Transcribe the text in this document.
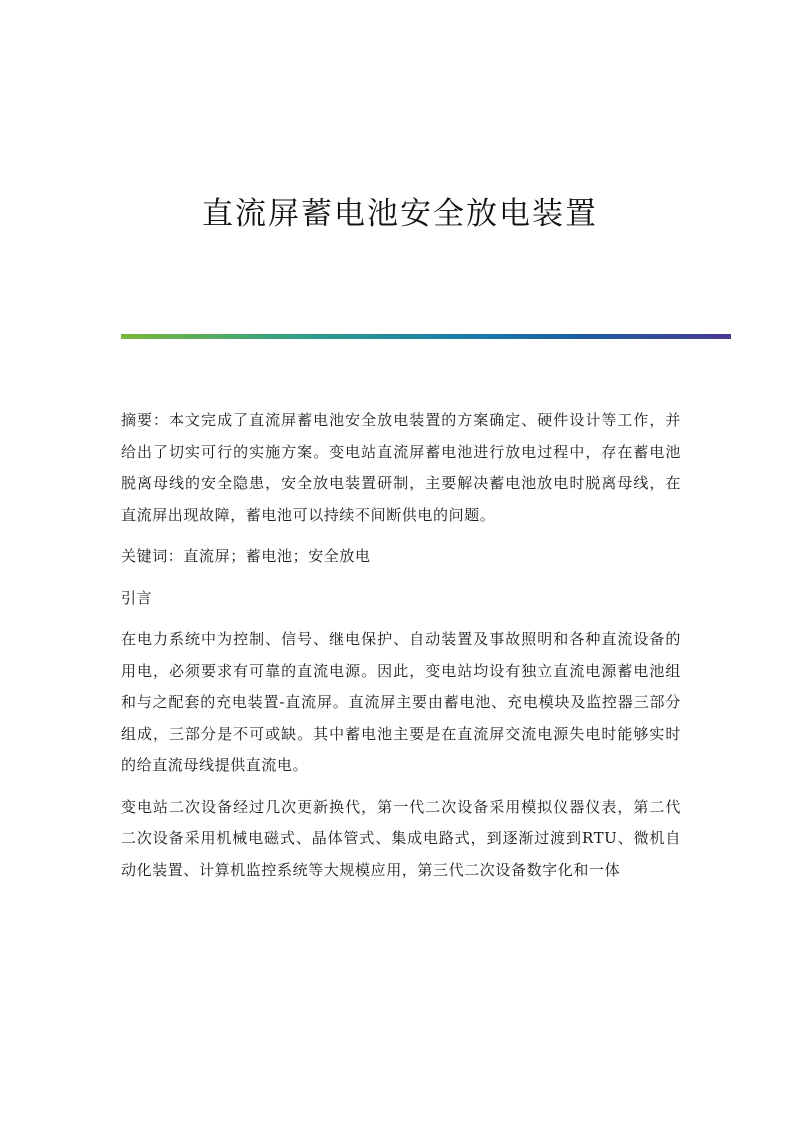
直流屏蓄电池安全放电装置

摘要：本文完成了直流屏蓄电池安全放电装置的方案确定、硬件设计等工作，并给出了切实可行的实施方案。变电站直流屏蓄电池进行放电过程中，存在蓄电池脱离母线的安全隐患，安全放电装置研制，主要解决蓄电池放电时脱离母线，在直流屏出现故障，蓄电池可以持续不间断供电的问题。

关键词：直流屏；蓄电池；安全放电

引言

在电力系统中为控制、信号、继电保护、自动装置及事故照明和各种直流设备的用电，必须要求有可靠的直流电源。因此，变电站均设有独立直流电源蓄电池组和与之配套的充电装置-直流屏。直流屏主要由蓄电池、充电模块及监控器三部分组成，三部分是不可或缺。其中蓄电池主要是在直流屏交流电源失电时能够实时的给直流母线提供直流电。

变电站二次设备经过几次更新换代，第一代二次设备采用模拟仪器仪表，第二代二次设备采用机械电磁式、晶体管式、集成电路式，到逐渐过渡到RTU、微机自动化装置、计算机监控系统等大规模应用，第三代二次设备数字化和一体
